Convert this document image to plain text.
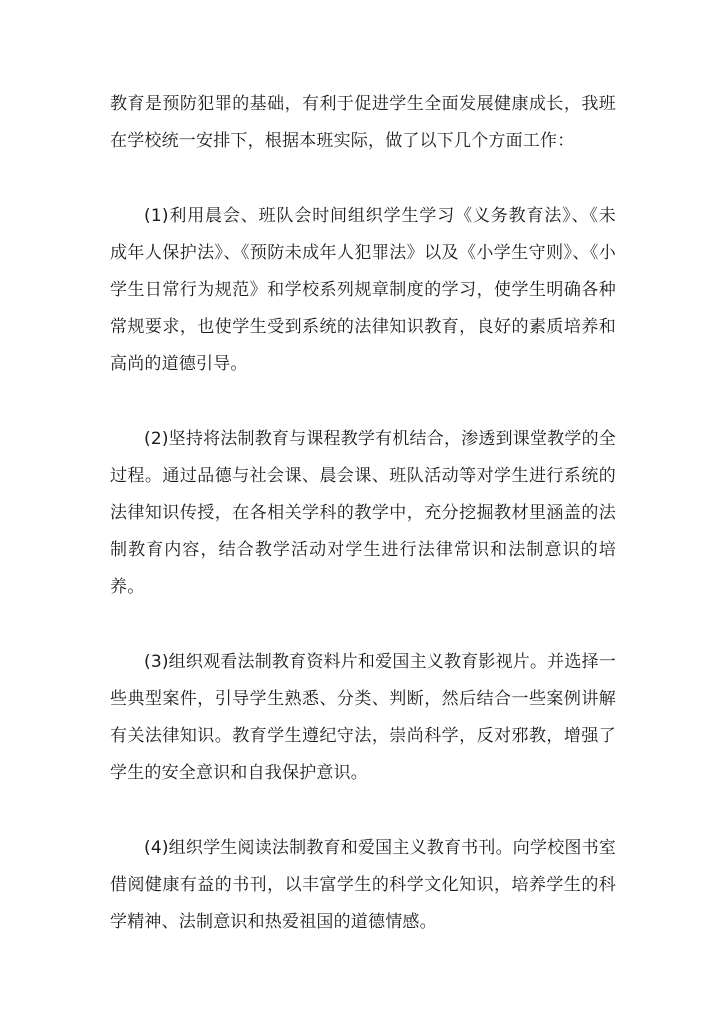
教育是预防犯罪的基础，有利于促进学生全面发展健康成长，我班在学校统一安排下，根据本班实际，做了以下几个方面工作：

(1)利用晨会、班队会时间组织学生学习《义务教育法》、《未成年人保护法》、《预防未成年人犯罪法》以及《小学生守则》、《小学生日常行为规范》和学校系列规章制度的学习，使学生明确各种常规要求，也使学生受到系统的法律知识教育，良好的素质培养和高尚的道德引导。

(2)坚持将法制教育与课程教学有机结合，渗透到课堂教学的全过程。通过品德与社会课、晨会课、班队活动等对学生进行系统的法律知识传授，在各相关学科的教学中，充分挖掘教材里涵盖的法制教育内容，结合教学活动对学生进行法律常识和法制意识的培养。

(3)组织观看法制教育资料片和爱国主义教育影视片。并选择一些典型案件，引导学生熟悉、分类、判断，然后结合一些案例讲解有关法律知识。教育学生遵纪守法，崇尚科学，反对邪教，增强了学生的安全意识和自我保护意识。

(4)组织学生阅读法制教育和爱国主义教育书刊。向学校图书室借阅健康有益的书刊，以丰富学生的科学文化知识，培养学生的科学精神、法制意识和热爱祖国的道德情感。
